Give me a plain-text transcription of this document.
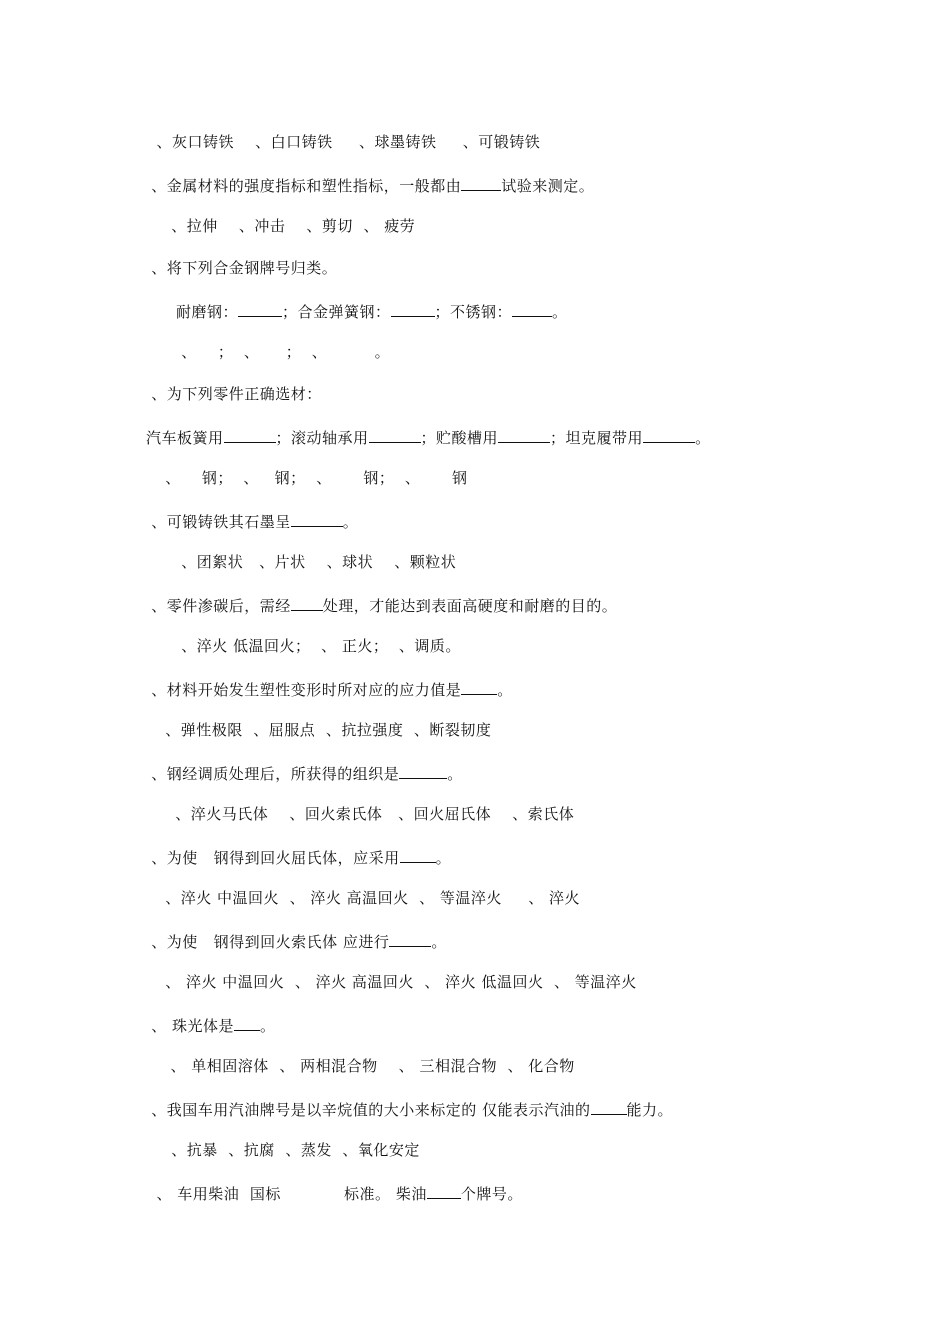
、灰口铸铁    、白口铸铁     、球墨铸铁     、可锻铸铁
、金属材料的强度指标和塑性指标，一般都由	试验来测定。
、拉伸    、冲击    、剪切  、 疲劳
、将下列合金钢牌号归类。
耐磨钢：	；合金弹簧钢：	；不锈钢：	。
、    ；  、     ；  、         。
、为下列零件正确选材：
汽车板簧用	；滚动轴承用	；贮酸槽用	；坦克履带用	。
、    钢；  、   钢；  、      钢；  、      钢
、可锻铸铁其石墨呈	。
、团絮状   、片状    、球状    、颗粒状
、零件渗碳后，需经 处理，才能达到表面高硬度和耐磨的目的。
、淬火 低温回火；  、 正火；  、调质。
、材料开始发生塑性变形时所对应的应力值是 。
、弹性极限  、屈服点  、抗拉强度  、断裂韧度
、钢经调质处理后，所获得的组织是	。
、淬火马氏体    、回火索氏体   、回火屈氏体    、索氏体
、为使   钢得到回火屈氏体，应采用 。
、淬火 中温回火  、 淬火 高温回火  、 等温淬火     、 淬火
、为使   钢得到回火索氏体 应进行	。
、 淬火 中温回火  、 淬火 高温回火  、 淬火 低温回火  、 等温淬火
、 珠光体是 。
、 单相固溶体  、 两相混合物    、 三相混合物  、 化合物
、我国车用汽油牌号是以辛烷值的大小来标定的 仅能表示汽油的 能力。
、抗暴  、抗腐  、蒸发  、氧化安定
、 车用柴油  国标            标准。 柴油 个牌号。
